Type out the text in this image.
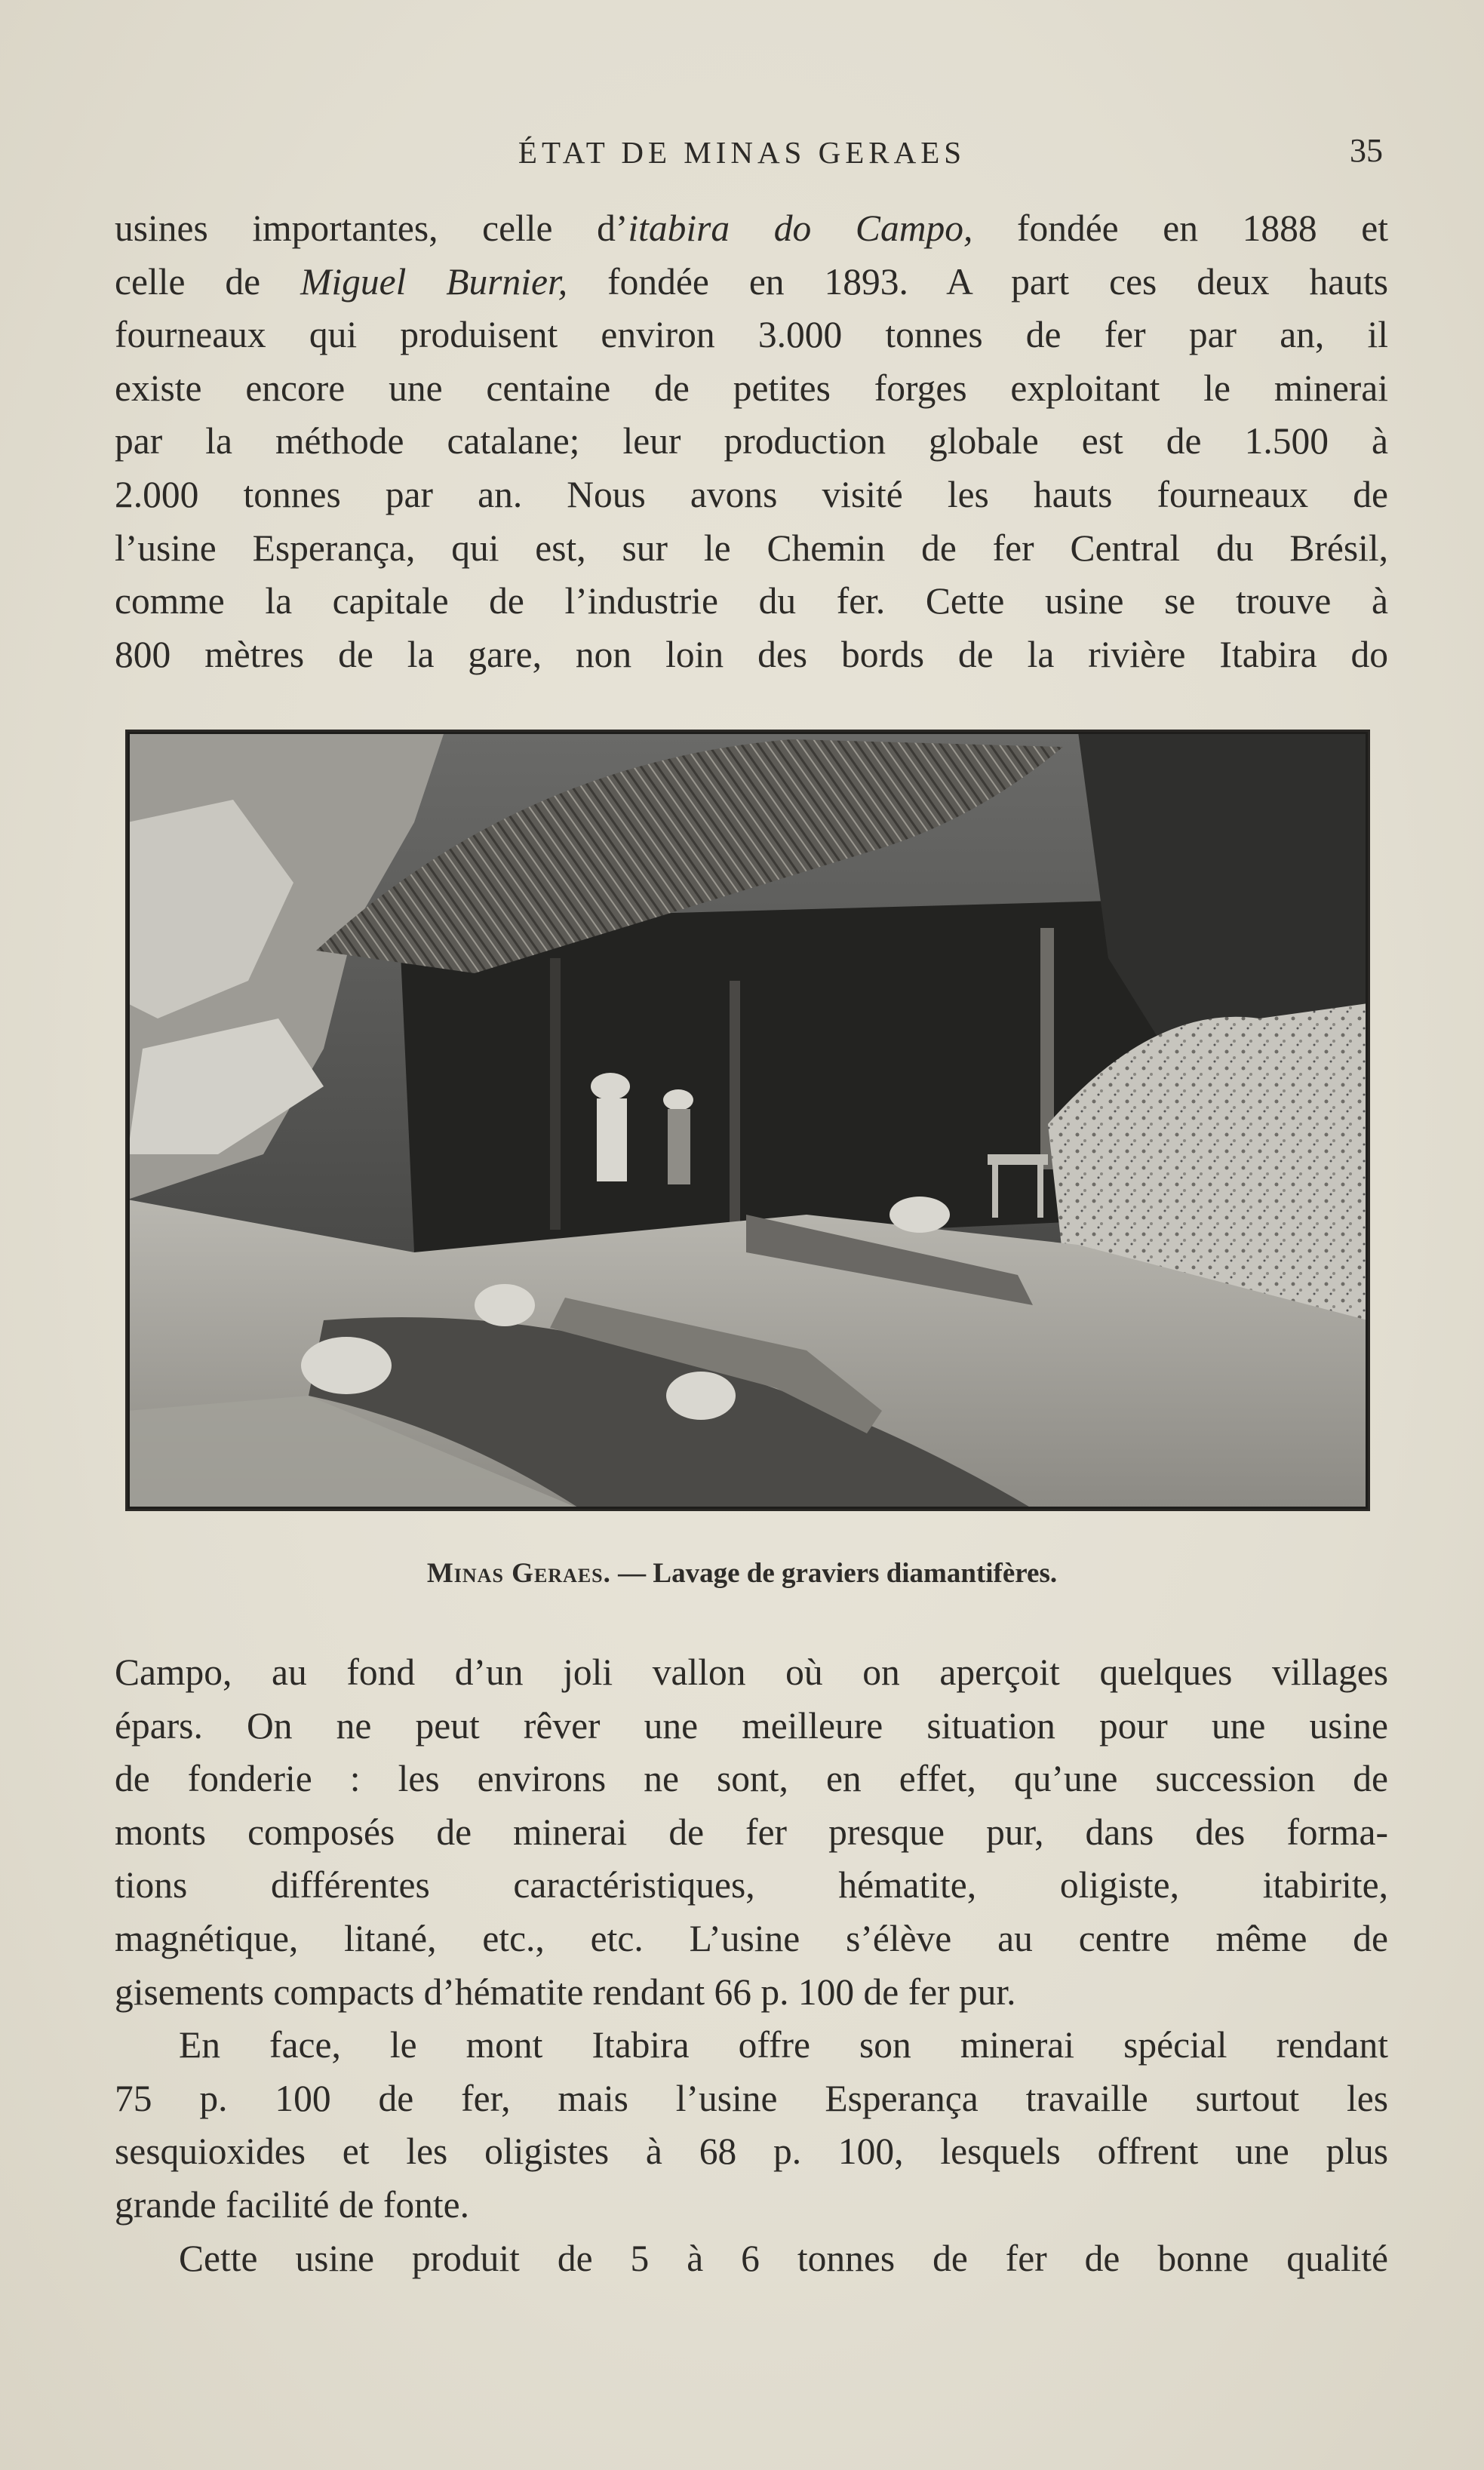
ÉTAT DE MINAS GERAES	35
usines importantes, celle d’itabira do Campo, fondée en 1888 et
celle de Miguel Burnier, fondée en 1893. A part ces deux hauts
fourneaux qui produisent environ 3.000 tonnes de fer par an, il
existe encore une centaine de petites forges exploitant le minerai
par la méthode catalane; leur production globale est de 1.500 à
2.000 tonnes par an. Nous avons visité les hauts fourneaux de
l’usine Esperança, qui est, sur le Chemin de fer Central du Brésil,
comme la capitale de l’industrie du fer. Cette usine se trouve à
800 mètres de la gare, non loin des bords de la rivière Itabira do
Minas Geraes. — Lavage de graviers diamantifères.
Campo, au fond d’un joli vallon où on aperçoit quelques villages
épars. On ne peut rêver une meilleure situation pour une usine
de fonderie : les environs ne sont, en effet, qu’une succession de
monts composés de minerai de fer presque pur, dans des forma-
tions différentes caractéristiques, hématite, oligiste, itabirite,
magnétique, litané, etc., etc. L’usine s’élève au centre même de
gisements compacts d’hématite rendant 66 p. 100 de fer pur.
En face, le mont Itabira offre son minerai spécial rendant
75 p. 100 de fer, mais l’usine Esperança travaille surtout les
sesquioxides et les oligistes à 68 p. 100, lesquels offrent une plus
grande facilité de fonte.
Cette usine produit de 5 à 6 tonnes de fer de bonne qualité
